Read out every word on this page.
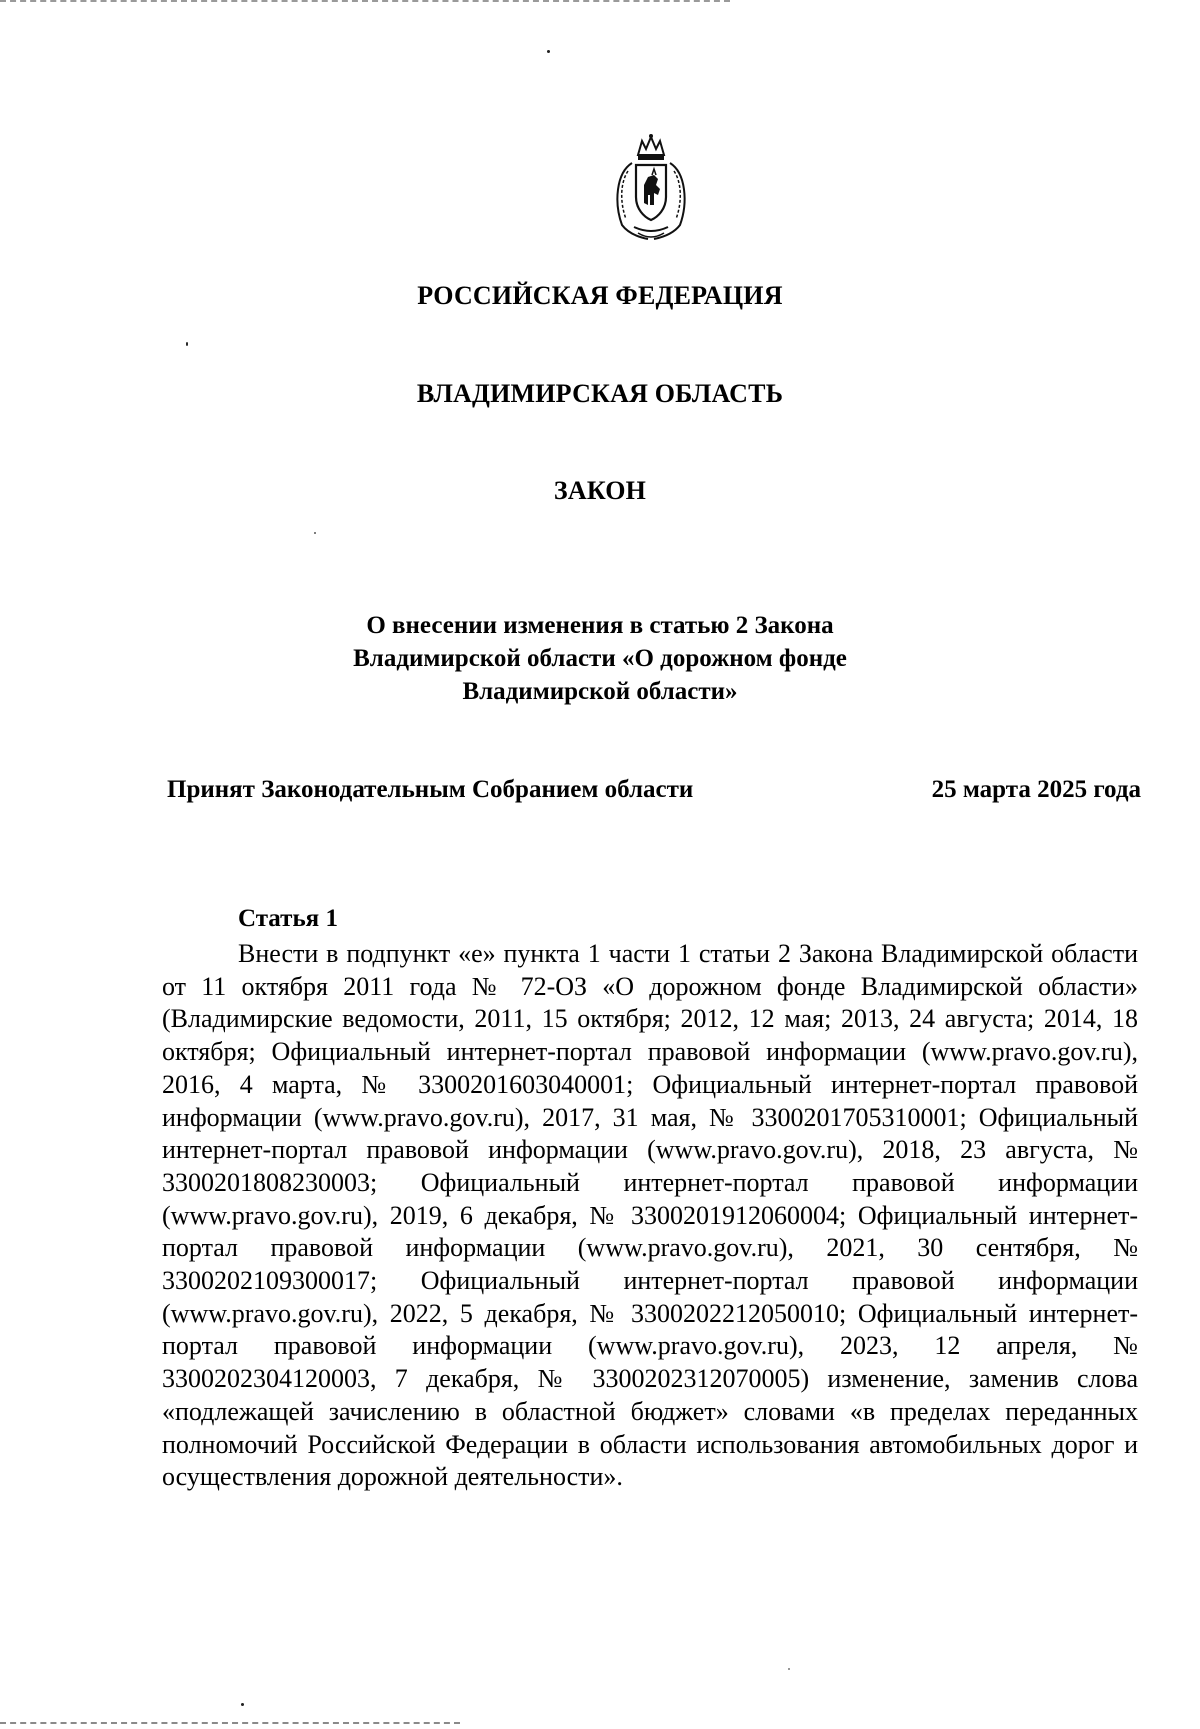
РОССИЙСКАЯ ФЕДЕРАЦИЯ
ВЛАДИМИРСКАЯ ОБЛАСТЬ
ЗАКОН
О внесении изменения в статью 2 Закона
Владимирской области «О дорожном фонде
Владимирской области»
Принят Законодательным Собранием области	25 марта 2025 года
Статья 1

Внести в подпункт «е» пункта 1 части 1 статьи 2 Закона Владимирской области от 11 октября 2011 года № 72-ОЗ «О дорожном фонде Владимирской области» (Владимирские ведомости, 2011, 15 октября; 2012, 12 мая; 2013, 24 августа; 2014, 18 октября; Официальный интернет-портал правовой информации (www.pravo.gov.ru), 2016, 4 марта, № 3300201603040001; Официальный интернет-портал правовой информации (www.pravo.gov.ru), 2017, 31 мая, № 3300201705310001; Официальный интернет-портал правовой информации (www.pravo.gov.ru), 2018, 23 августа, № 3300201808230003; Официальный интернет-портал правовой информации (www.pravo.gov.ru), 2019, 6 декабря, № 3300201912060004; Официальный интернет-портал правовой информации (www.pravo.gov.ru), 2021, 30 сентября, № 3300202109300017; Официальный интернет-портал правовой информации (www.pravo.gov.ru), 2022, 5 декабря, № 3300202212050010; Официальный интернет-портал правовой информации (www.pravo.gov.ru), 2023, 12 апреля, № 3300202304120003, 7 декабря, № 3300202312070005) изменение, заменив слова «подлежащей зачислению в областной бюджет» словами «в пределах переданных полномочий Российской Федерации в области использования автомобильных дорог и осуществления дорожной деятельности».
